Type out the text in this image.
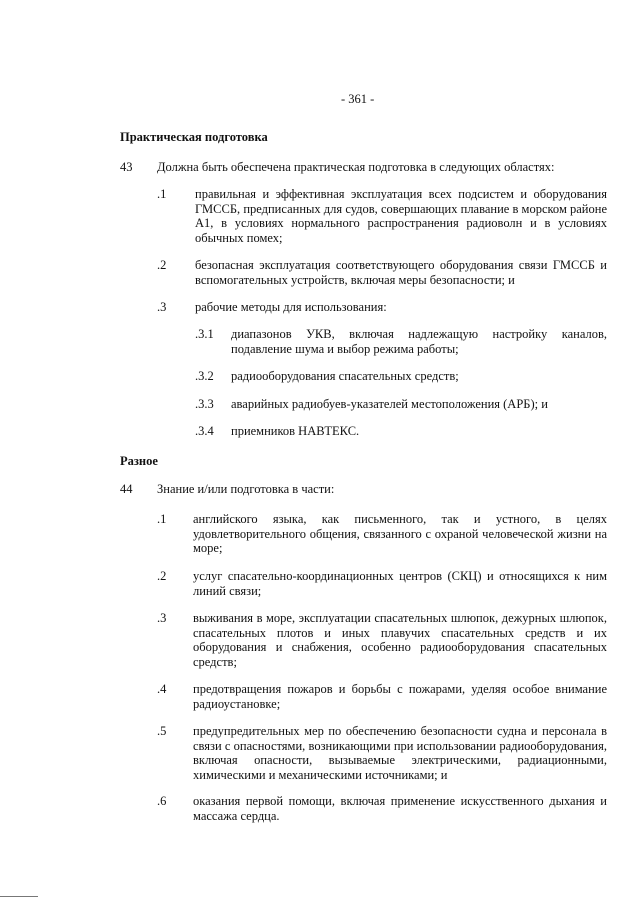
- 361 -
Практическая подготовка
43 Должна быть обеспечена практическая подготовка в следующих областях:
.1 правильная и эффективная эксплуатация всех подсистем и оборудования ГМССБ, предписанных для судов, совершающих плавание в морском районе А1, в условиях нормального распространения радиоволн и в условиях обычных помех;
.2 безопасная эксплуатация соответствующего оборудования связи ГМССБ и вспомогательных устройств, включая меры безопасности; и
.3 рабочие методы для использования:
.3.1 диапазонов УКВ, включая надлежащую настройку каналов, подавление шума и выбор режима работы;
.3.2 радиооборудования спасательных средств;
.3.3 аварийных радиобуев-указателей местоположения (АРБ); и
.3.4 приемников НАВТЕКС.
Разное
44 Знание и/или подготовка в части:
.1 английского языка, как письменного, так и устного, в целях удовлетворительного общения, связанного с охраной человеческой жизни на море;
.2 услуг спасательно-координационных центров (СКЦ) и относящихся к ним линий связи;
.3 выживания в море, эксплуатации спасательных шлюпок, дежурных шлюпок, спасательных плотов и иных плавучих спасательных средств и их оборудования и снабжения, особенно радиооборудования спасательных средств;
.4 предотвращения пожаров и борьбы с пожарами, уделяя особое внимание радиоустановке;
.5 предупредительных мер по обеспечению безопасности судна и персонала в связи с опасностями, возникающими при использовании радиооборудования, включая опасности, вызываемые электрическими, радиационными, химическими и механическими источниками; и
.6 оказания первой помощи, включая применение искусственного дыхания и массажа сердца.
